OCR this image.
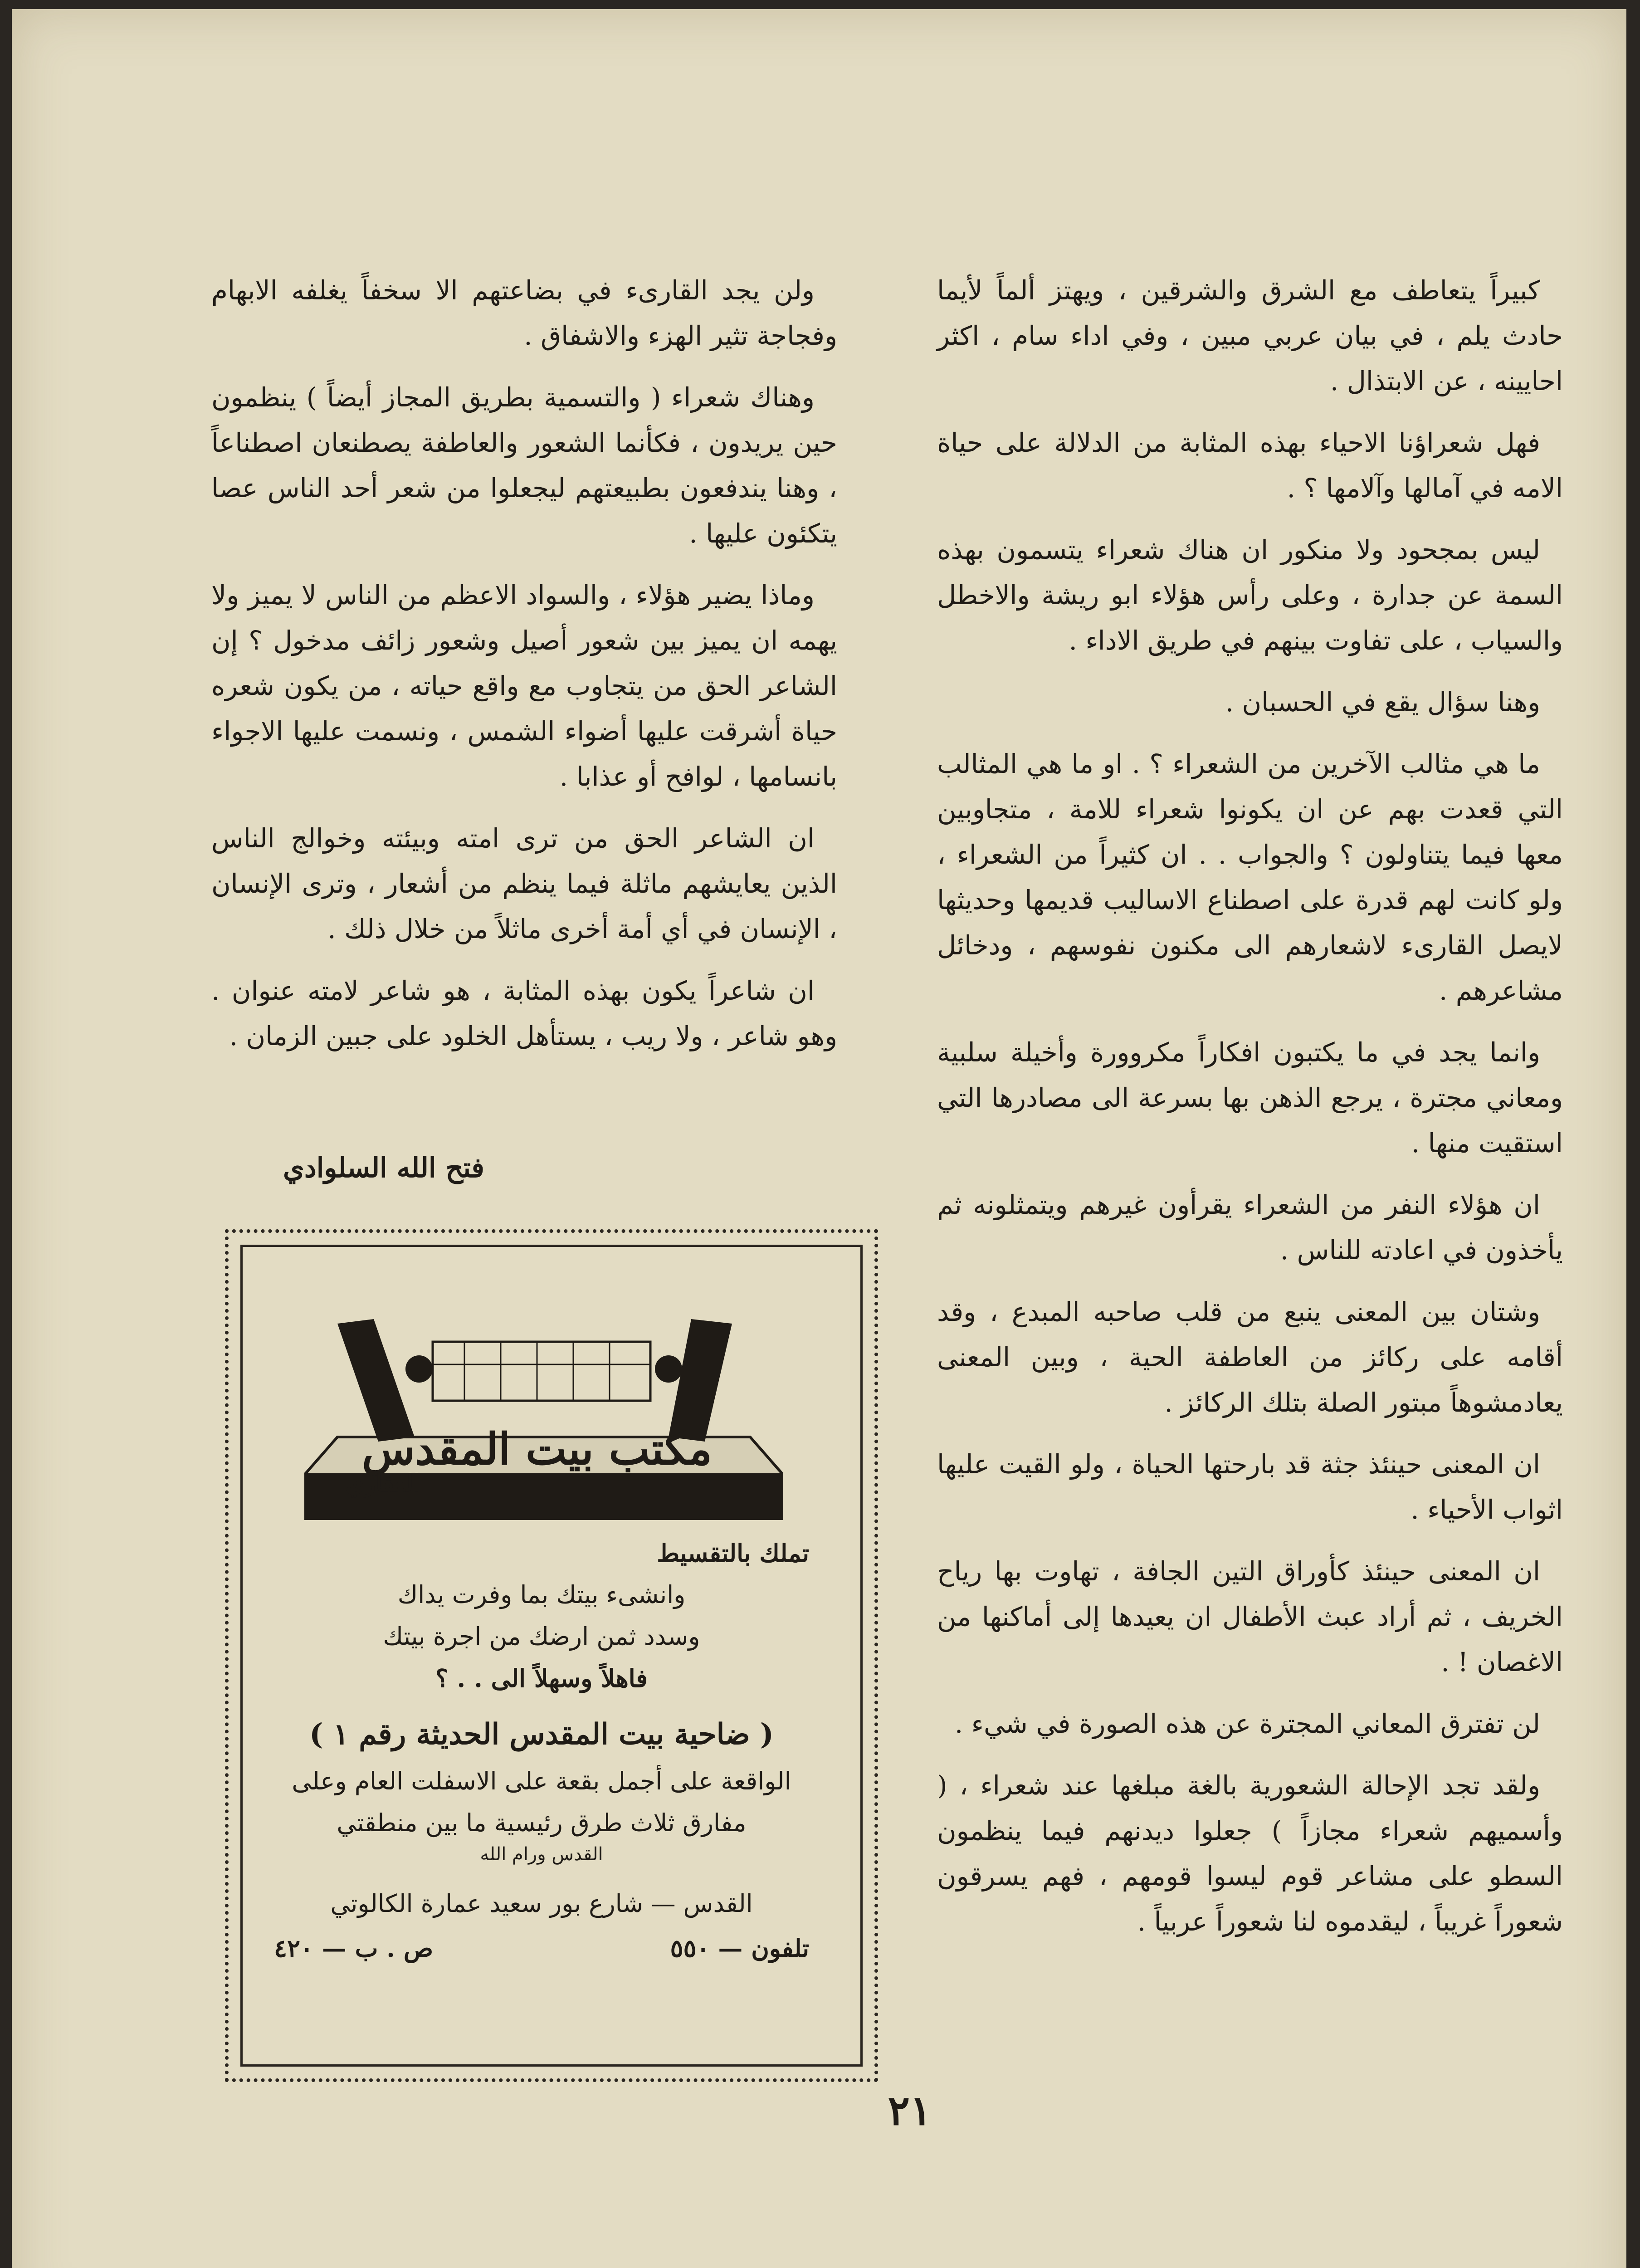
كبيراً يتعاطف مع الشرق والشرقين ، ويهتز ألماً لأيما حادث يلم ، في بيان عربي مبين ، وفي اداء سام ، اكثر احايينه ، عن الابتذال .

فهل شعراؤنا الاحياء بهذه المثابة من الدلالة على حياة الامه في آمالها وآلامها ؟ .

ليس بمجحود ولا منكور ان هناك شعراء يتسمون بهذه السمة عن جدارة ، وعلى رأس هؤلاء ابو ريشة والاخطل والسياب ، على تفاوت بينهم في طريق الاداء .

وهنا سؤال يقع في الحسبان .

ما هي مثالب الآخرين من الشعراء ؟ . او ما هي المثالب التي قعدت بهم عن ان يكونوا شعراء للامة ، متجاوبين معها فيما يتناولون ؟ والجواب . . ان كثيراً من الشعراء ، ولو كانت لهم قدرة على اصطناع الاساليب قديمها وحديثها لايصل القارىء لاشعارهم الى مكنون نفوسهم ، ودخائل مشاعرهم .

وانما يجد في ما يكتبون افكاراً مكروورة وأخيلة سلبية ومعاني مجترة ، يرجع الذهن بها بسرعة الى مصادرها التي استقيت منها .

ان هؤلاء النفر من الشعراء يقرأون غيرهم ويتمثلونه ثم يأخذون في اعادته للناس .

وشتان بين المعنى ينبع من قلب صاحبه المبدع ، وقد أقامه على ركائز من العاطفة الحية ، وبين المعنى يعادمشوهاً مبتور الصلة بتلك الركائز .

ان المعنى حينئذ جثة قد بارحتها الحياة ، ولو القيت عليها اثواب الأحياء .

ان المعنى حينئذ كأوراق التين الجافة ، تهاوت بها رياح الخريف ، ثم أراد عبث الأطفال ان يعيدها إلى أماكنها من الاغصان ! .

لن تفترق المعاني المجترة عن هذه الصورة في شيء .

ولقد تجد الإحالة الشعورية بالغة مبلغها عند شعراء ، ( وأسميهم شعراء مجازاً ) جعلوا ديدنهم فيما ينظمون السطو على مشاعر قوم ليسوا قومهم ، فهم يسرقون شعوراً غريباً ، ليقدموه لنا شعوراً عربياً .

ولن يجد القارىء في بضاعتهم الا سخفاً يغلفه الابهام وفجاجة تثير الهزء والاشفاق .

وهناك شعراء ( والتسمية بطريق المجاز أيضاً ) ينظمون حين يريدون ، فكأنما الشعور والعاطفة يصطنعان اصطناعاً ، وهنا يندفعون بطبيعتهم ليجعلوا من شعر أحد الناس عصا يتكئون عليها .

وماذا يضير هؤلاء ، والسواد الاعظم من الناس لا يميز ولا يهمه ان يميز بين شعور أصيل وشعور زائف مدخول ؟ إن الشاعر الحق من يتجاوب مع واقع حياته ، من يكون شعره حياة أشرقت عليها أضواء الشمس ، ونسمت عليها الاجواء بانسامها ، لوافح أو عذابا .

ان الشاعر الحق من ترى امته وبيئته وخوالج الناس الذين يعايشهم ماثلة فيما ينظم من أشعار ، وترى الإنسان ، الإنسان في أي أمة أخرى ماثلاً من خلال ذلك .

ان شاعراً يكون بهذه المثابة ، هو شاعر لامته عنوان . وهو شاعر ، ولا ريب ، يستأهل الخلود على جبين الزمان .

فتح الله السلوادي
مكتب بيت المقدس
العقاري
تملك بالتقسيط
وانشىء بيتك بما وفرت يداك
وسدد ثمن ارضك من اجرة بيتك
فاهلاً وسهلاً الى . . ؟
( ضاحية بيت المقدس الحديثة رقم ١ )
الواقعة على أجمل بقعة على الاسفلت العام وعلى
مفارق ثلاث طرق رئيسية ما بين منطقتي
القدس ورام الله
القدس — شارع بور سعيد عمارة الكالوتي
تلفون — ٥٥٠
ص . ب — ٤٢٠
٢١
